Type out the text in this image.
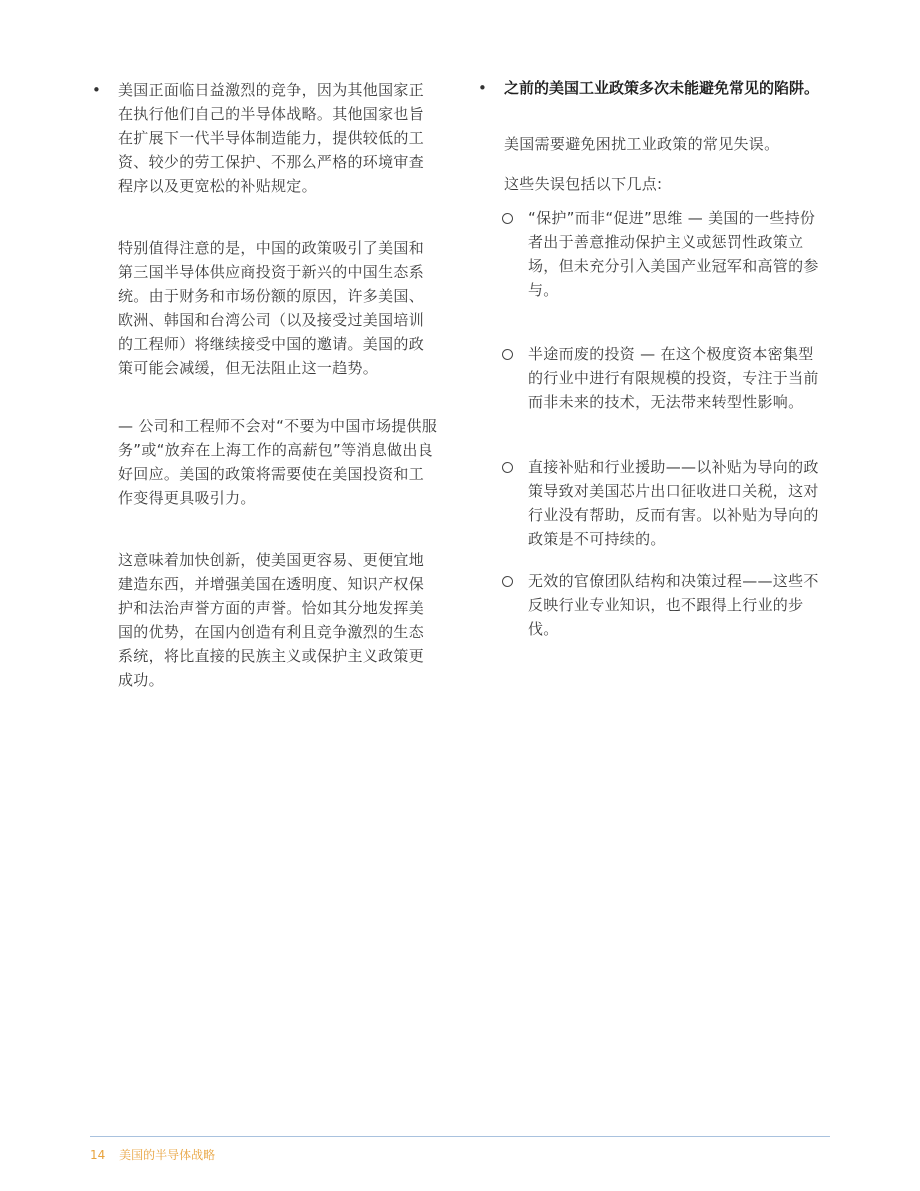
• 美国正面临日益激烈的竞争，因为其他国家正在执行他们自己的半导体战略。其他国家也旨在扩展下一代半导体制造能力，提供较低的工资、较少的劳工保护、不那么严格的环境审查程序以及更宽松的补贴规定。

特别值得注意的是，中国的政策吸引了美国和第三国半导体供应商投资于新兴的中国生态系统。由于财务和市场份额的原因，许多美国、欧洲、韩国和台湾公司（以及接受过美国培训的工程师）将继续接受中国的邀请。美国的政策可能会减缓，但无法阻止这一趋势。

— 公司和工程师不会对“不要为中国市场提供服务”或“放弃在上海工作的高薪包”等消息做出良好回应。美国的政策将需要使在美国投资和工作变得更具吸引力。

这意味着加快创新，使美国更容易、更便宜地建造东西，并增强美国在透明度、知识产权保护和法治声誉方面的声誉。恰如其分地发挥美国的优势，在国内创造有利且竞争激烈的生态系统，将比直接的民族主义或保护主义政策更成功。

• 之前的美国工业政策多次未能避免常见的陷阱。

美国需要避免困扰工业政策的常见失误。

这些失误包括以下几点:

“保护”而非“促进”思维 — 美国的一些持份者出于善意推动保护主义或惩罚性政策立场，但未充分引入美国产业冠军和高管的参与。

半途而废的投资 — 在这个极度资本密集型的行业中进行有限规模的投资，专注于当前而非未来的技术，无法带来转型性影响。

直接补贴和行业援助——以补贴为导向的政策导致对美国芯片出口征收进口关税，这对行业没有帮助，反而有害。以补贴为导向的政策是不可持续的。

无效的官僚团队结构和决策过程——这些不反映行业专业知识，也不跟得上行业的步伐。

14 美国的半导体战略
